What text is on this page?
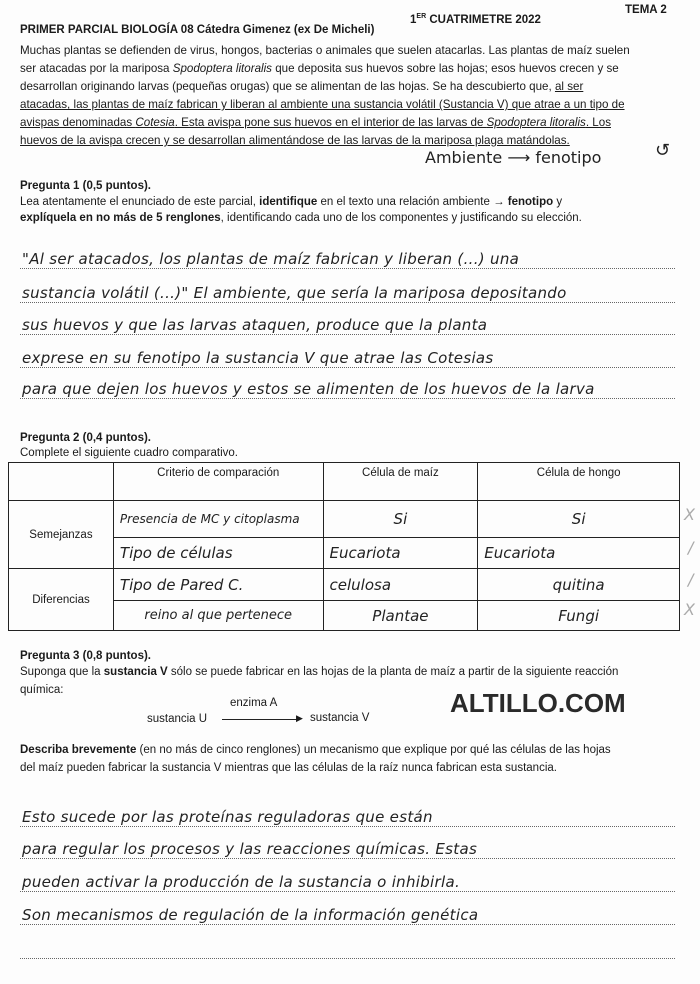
PRIMER PARCIAL BIOLOGÍA 08 Cátedra Gimenez (ex De Micheli)
1ER CUATRIMETRE 2022
TEMA 2
Muchas plantas se defienden de virus, hongos, bacterias o animales que suelen atacarlas. Las plantas de maíz suelen
ser atacadas por la mariposa Spodoptera litoralis que deposita sus huevos sobre las hojas; esos huevos crecen y se
desarrollan originando larvas (pequeñas orugas) que se alimentan de las hojas. Se ha descubierto que, al ser
atacadas, las plantas de maíz fabrican y liberan al ambiente una sustancia volátil (Sustancia V) que atrae a un tipo de
avispas denominadas Cotesia. Esta avispa pone sus huevos en el interior de las larvas de Spodoptera litoralis. Los
huevos de la avispa crecen y se desarrollan alimentándose de las larvas de la mariposa plaga matándolas.	↺
Ambiente ⟶ fenotipo
Pregunta 1 (0,5 puntos).
Lea atentamente el enunciado de este parcial, identifique en el texto una relación ambiente → fenotipo y
explíquela en no más de 5 renglones, identificando cada uno de los componentes y justificando su elección.
"Al ser atacados, los plantas de maíz fabrican y liberan (...) una
sustancia volátil (...)" El ambiente, que sería la mariposa depositando
sus huevos y que las larvas ataquen, produce que la planta
exprese en su fenotipo la sustancia V que atrae las Cotesias
para que dejen los huevos y estos se alimenten de los huevos de la larva
Pregunta 2 (0,4 puntos).
Complete el siguiente cuadro comparativo.
	Criterio de comparación	Célula de maíz	Célula de hongo
Semejanzas	Presencia de MC y citoplasma	Si	Si
	Tipo de células	Eucariota	Eucariota
Diferencias	Tipo de Pared C.	celulosa	quitina
	reino al que pertenece	Plantae	Fungi
X
/
/
X
Pregunta 3 (0,8 puntos).
Suponga que la sustancia V sólo se puede fabricar en las hojas de la planta de maíz a partir de la siguiente reacción
química:
enzima A
sustancia U	▶ sustancia V	ALTILLO.COM
Describa brevemente (en no más de cinco renglones) un mecanismo que explique por qué las células de las hojas
del maíz pueden fabricar la sustancia V mientras que las células de la raíz nunca fabrican esta sustancia.
Esto sucede por las proteínas reguladoras que están
para regular los procesos y las reacciones químicas. Estas
pueden activar la producción de la sustancia o inhibirla.
Son mecanismos de regulación de la información genética
